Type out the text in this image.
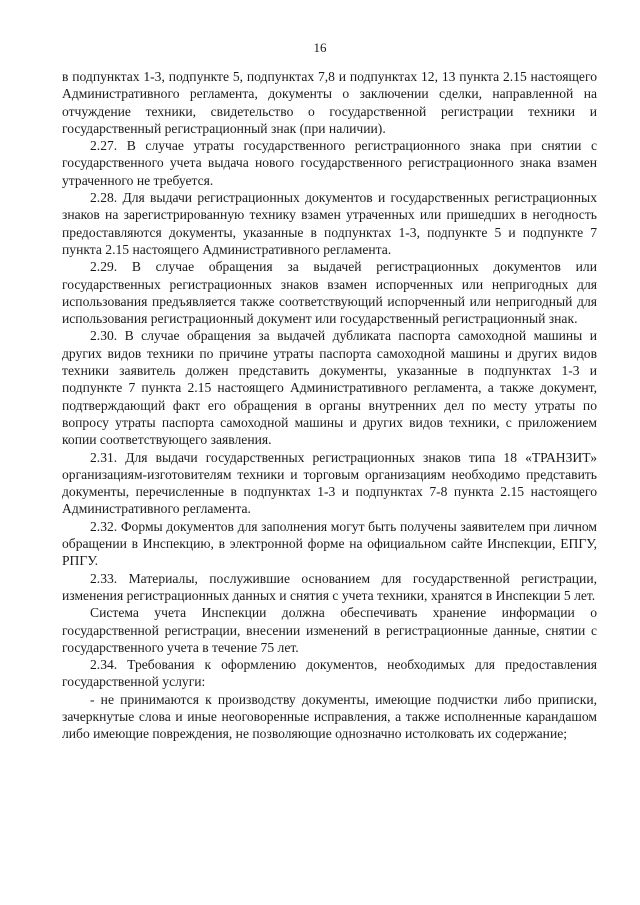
16

в подпунктах 1-3, подпункте 5, подпунктах 7,8 и подпунктах 12, 13 пункта 2.15 настоящего Административного регламента, документы о заключении сделки, направленной на отчуждение техники, свидетельство о государственной регистрации техники и государственный регистрационный знак (при наличии).

2.27. В случае утраты государственного регистрационного знака при снятии с государственного учета выдача нового государственного регистрационного знака взамен утраченного не требуется.

2.28. Для выдачи регистрационных документов и государственных регистрационных знаков на зарегистрированную технику взамен утраченных или пришедших в негодность предоставляются документы, указанные в подпунктах 1-3, подпункте 5 и подпункте 7 пункта 2.15 настоящего Административного регламента.

2.29. В случае обращения за выдачей регистрационных документов или государственных регистрационных знаков взамен испорченных или непригодных для использования предъявляется также соответствующий испорченный или непригодный для использования регистрационный документ или государственный регистрационный знак.

2.30. В случае обращения за выдачей дубликата паспорта самоходной машины и других видов техники по причине утраты паспорта самоходной машины и других видов техники заявитель должен представить документы, указанные в подпунктах 1-3 и подпункте 7 пункта 2.15 настоящего Административного регламента, а также документ, подтверждающий факт его обращения в органы внутренних дел по месту утраты по вопросу утраты паспорта самоходной машины и других видов техники, с приложением копии соответствующего заявления.

2.31. Для выдачи государственных регистрационных знаков типа 18 «ТРАНЗИТ» организациям-изготовителям техники и торговым организациям необходимо представить документы, перечисленные в подпунктах 1-3 и подпунктах 7-8 пункта 2.15 настоящего Административного регламента.

2.32. Формы документов для заполнения могут быть получены заявителем при личном обращении в Инспекцию, в электронной форме на официальном сайте Инспекции, ЕПГУ, РПГУ.

2.33. Материалы, послужившие основанием для государственной регистрации, изменения регистрационных данных и снятия с учета техники, хранятся в Инспекции 5 лет.

Система учета Инспекции должна обеспечивать хранение информации о государственной регистрации, внесении изменений в регистрационные данные, снятии с государственного учета в течение 75 лет.

2.34. Требования к оформлению документов, необходимых для предоставления государственной услуги:

- не принимаются к производству документы, имеющие подчистки либо приписки, зачеркнутые слова и иные неоговоренные исправления, а также исполненные карандашом либо имеющие повреждения, не позволяющие однозначно истолковать их содержание;
